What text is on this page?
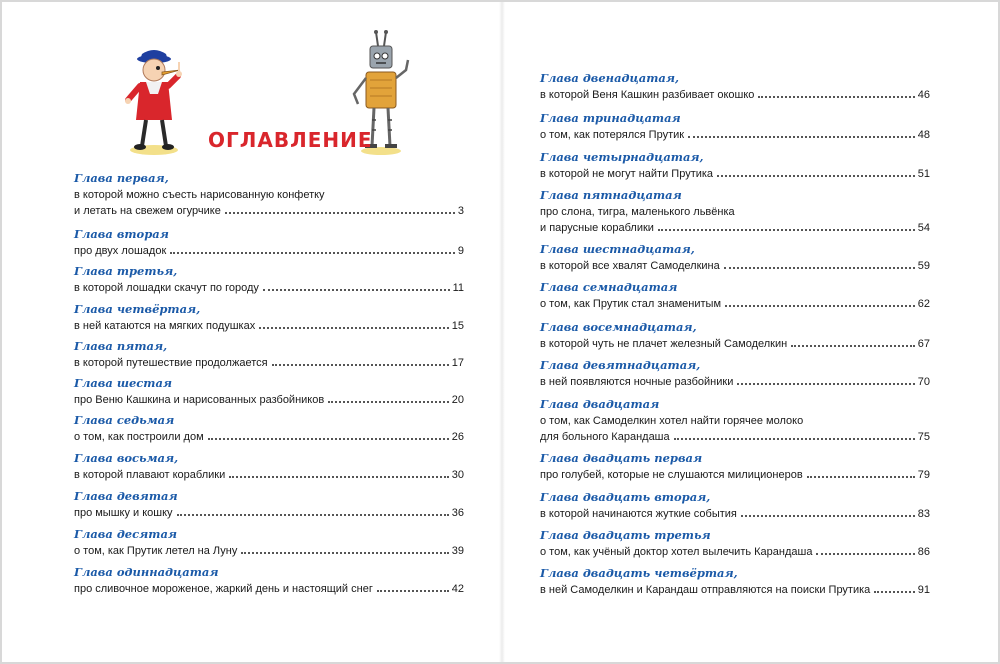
ОГЛАВЛЕНИЕ
Глава первая,
в которой можно съесть нарисованную конфетку
и летать на свежем огурчике	3
Глава вторая
про двух лошадок	9
Глава третья,
в которой лошадки скачут по городу	11
Глава четвёртая,
в ней катаются на мягких подушках	15
Глава пятая,
в которой путешествие продолжается	17
Глава шестая
про Веню Кашкина и нарисованных разбойников	20
Глава седьмая
о том, как построили дом	26
Глава восьмая,
в которой плавают кораблики	30
Глава девятая
про мышку и кошку	36
Глава десятая
о том, как Прутик летел на Луну	39
Глава одиннадцатая
про сливочное мороженое, жаркий день и настоящий снег	42
Глава двенадцатая,
в которой Веня Кашкин разбивает окошко	46
Глава тринадцатая
о том, как потерялся Прутик	48
Глава четырнадцатая,
в которой не могут найти Прутика	51
Глава пятнадцатая
про слона, тигра, маленького львёнка
и парусные кораблики	54
Глава шестнадцатая,
в которой все хвалят Самоделкина	59
Глава семнадцатая
о том, как Прутик стал знаменитым	62
Глава восемнадцатая,
в которой чуть не плачет железный Самоделкин	67
Глава девятнадцатая,
в ней появляются ночные разбойники	70
Глава двадцатая
о том, как Самоделкин хотел найти горячее молоко
для больного Карандаша	75
Глава двадцать первая
про голубей, которые не слушаются милиционеров	79
Глава двадцать вторая,
в которой начинаются жуткие события	83
Глава двадцать третья
о том, как учёный доктор хотел вылечить Карандаша	86
Глава двадцать четвёртая,
в ней Самоделкин и Карандаш отправляются на поиски Прутика	91
